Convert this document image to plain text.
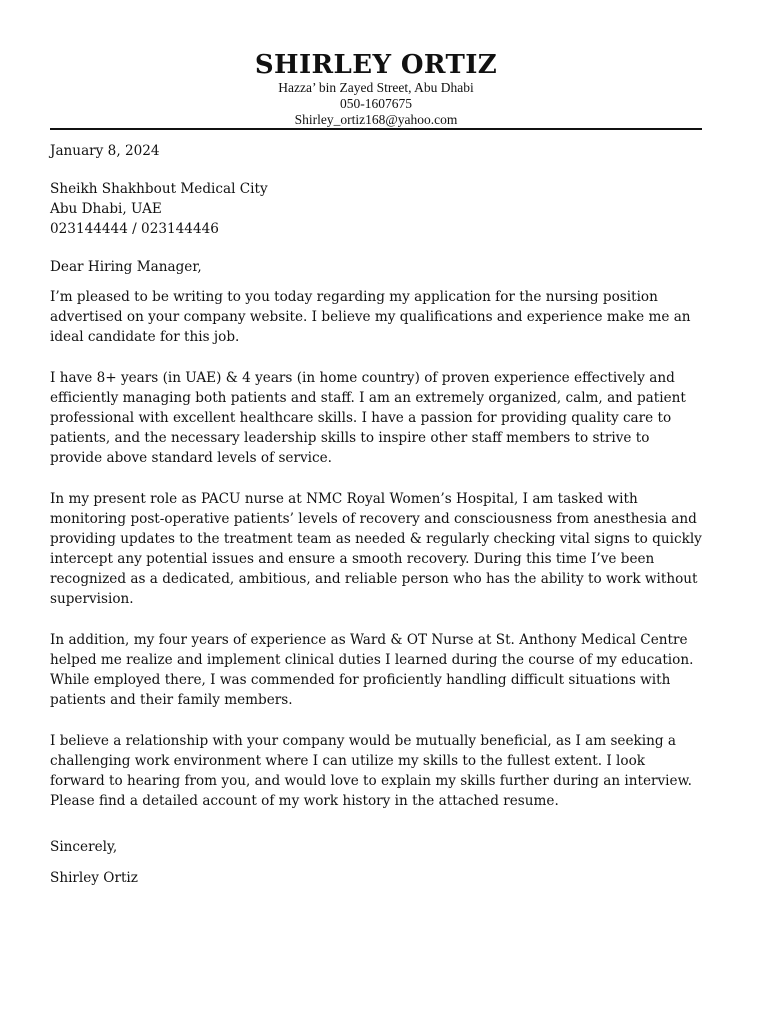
SHIRLEY ORTIZ
Hazza’ bin Zayed Street, Abu Dhabi
050-1607675
Shirley_ortiz168@yahoo.com

January 8, 2024

Sheikh Shakhbout Medical City
Abu Dhabi, UAE
023144444 / 023144446

Dear Hiring Manager,

I’m pleased to be writing to you today regarding my application for the nursing position advertised on your company website. I believe my qualifications and experience make me an ideal candidate for this job.

I have 8+ years (in UAE) & 4 years (in home country) of proven experience effectively and efficiently managing both patients and staff. I am an extremely organized, calm, and patient professional with excellent healthcare skills. I have a passion for providing quality care to patients, and the necessary leadership skills to inspire other staff members to strive to provide above standard levels of service.

In my present role as PACU nurse at NMC Royal Women’s Hospital, I am tasked with monitoring post-operative patients’ levels of recovery and consciousness from anesthesia and providing updates to the treatment team as needed & regularly checking vital signs to quickly intercept any potential issues and ensure a smooth recovery. During this time I’ve been recognized as a dedicated, ambitious, and reliable person who has the ability to work without supervision.

In addition, my four years of experience as Ward & OT Nurse at St. Anthony Medical Centre helped me realize and implement clinical duties I learned during the course of my education. While employed there, I was commended for proficiently handling difficult situations with patients and their family members.

I believe a relationship with your company would be mutually beneficial, as I am seeking a challenging work environment where I can utilize my skills to the fullest extent. I look forward to hearing from you, and would love to explain my skills further during an interview. Please find a detailed account of my work history in the attached resume.

Sincerely,
Shirley Ortiz
